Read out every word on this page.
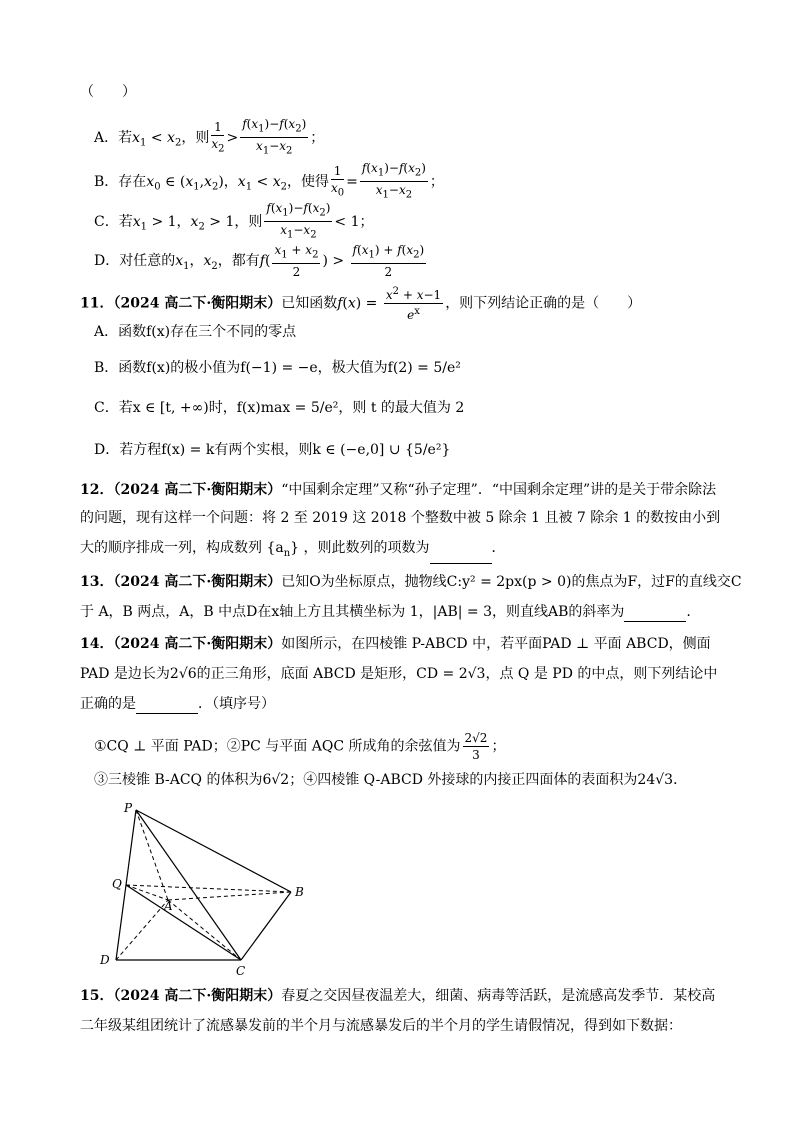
（　　）
A．若$x_1 < x_2$，则 $\frac{1}{x_2} > \frac{f(x_1)-f(x_2)}{x_1-x_2}$ ；
B．存在$x_0$ ∈ $(x_1,x_2)$，$x_1 < x_2$，使得 $\frac{1}{x_0} = \frac{f(x_1)-f(x_2)}{x_1-x_2}$ ；
C．若$x_1 > 1$，$x_2 > 1$，则 $\frac{f(x_1)-f(x_2)}{x_1-x_2} < 1$；
D．对任意的$x_1$，$x_2$，都有$f( \frac{x_1 + x_2}{2}$ ) > $\frac{f(x_1) + f(x_2)}{2}$
11．（2024 高二下·衡阳期末）已知函数$f(x) = \frac{x^2 + x-1}{e^x}$ ，则下列结论正确的是（　　）
A．函数f(x)存在三个不同的零点
B．函数f(x)的极小值为f(−1) = −e，极大值为f(2) = 5/e²
C．若x ∈ [t, +∞)时，f(x)max = 5/e²，则 t 的最大值为 2
D．若方程f(x) = k有两个实根，则k ∈ (−e,0] ∪ {5/e²}
12．（2024 高二下·衡阳期末）“中国剩余定理”又称“孙子定理”．“中国剩余定理”讲的是关于带余除法
的问题，现有这样一个问题：将 2 至 2019 这 2018 个整数中被 5 除余 1 且被 7 除余 1 的数按由小到
大的顺序排成一列，构成数列 $\{a_n\}$ ，则此数列的项数为	．
13．（2024 高二下·衡阳期末）已知O为坐标原点，抛物线C:y² = 2px(p > 0)的焦点为F，过F的直线交C
于 A，B 两点，A，B 中点D在x轴上方且其横坐标为 1，|AB| = 3，则直线AB的斜率为	.
14．（2024 高二下·衡阳期末）如图所示，在四棱锥 P-ABCD 中，若平面PAD ⊥ 平面 ABCD，侧面
PAD 是边长为2√6的正三角形，底面 ABCD 是矩形，CD = 2√3，点 Q 是 PD 的中点，则下列结论中
正确的是	．（填序号）
①CQ ⊥ 平面 PAD；②PC 与平面 AQC 所成角的余弦值为 $\frac{2√2}{3}$ ；
③三棱锥 B-ACQ 的体积为6√2；④四棱锥 Q-ABCD 外接球的内接正四面体的表面积为24√3．
P
Q
A
B
D
C
15．（2024 高二下·衡阳期末）春夏之交因昼夜温差大，细菌、病毒等活跃，是流感高发季节．某校高
二年级某组团统计了流感暴发前的半个月与流感暴发后的半个月的学生请假情况，得到如下数据：
